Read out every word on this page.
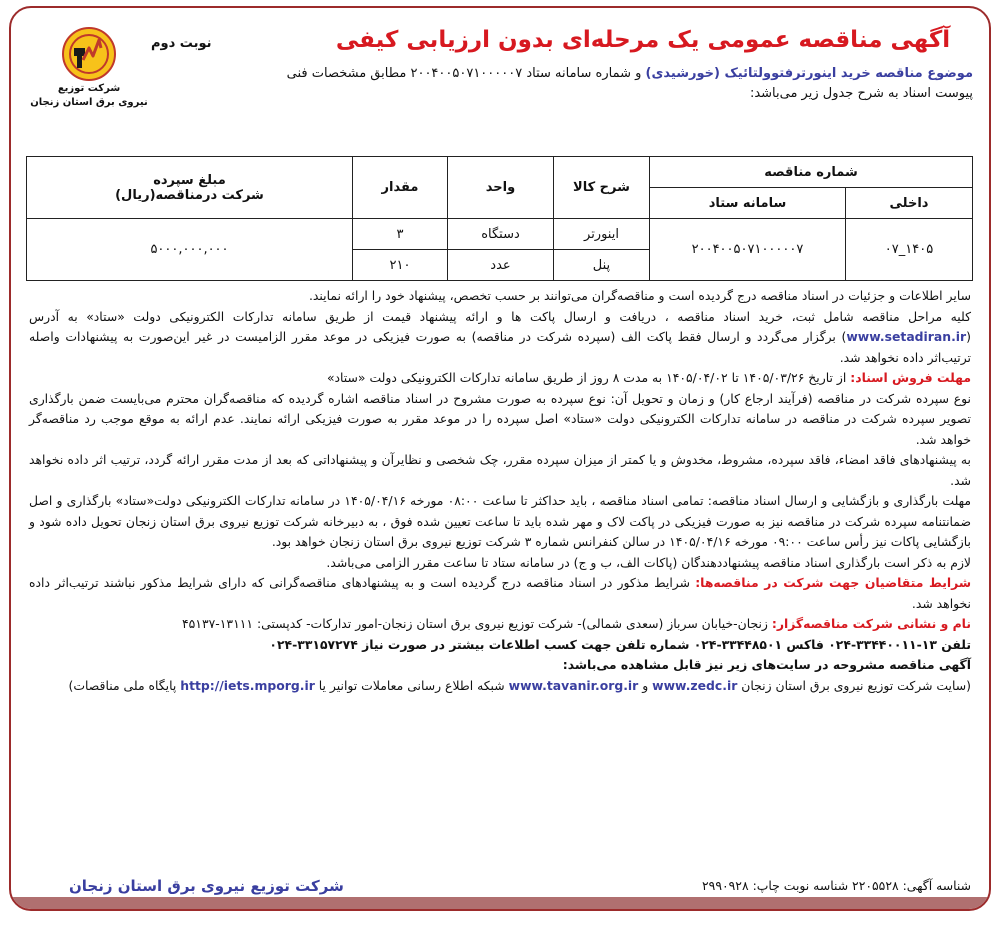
شرکت توزیع
نیروی برق استان زنجان
نوبت دوم	آگهی مناقصه عمومی یک مرحله‌ای بدون ارزیابی کیفی
موضوع مناقصه خرید اینورترفتوولتائیک (خورشیدی) و شماره سامانه ستاد ۲۰۰۴۰۰۵۰۷۱۰۰۰۰۰۷ مطابق مشخصات فنی
پیوست اسناد به شرح جدول زیر می‌باشد:
شماره مناقصه		شرح کالا	واحد	مقدار	مبلغ سپرده
شرکت درمناقصه(ریال)

داخلی	سامانه ستاد				
۱۴۰۵_۰۷	۲۰۰۴۰۰۵۰۷۱۰۰۰۰۰۷	اینورتر	دستگاه	۳	۵۰۰۰,۰۰۰,۰۰۰
		پنل	عدد	۲۱۰	

سایر اطلاعات و جزئیات در اسناد مناقصه درج گردیده است و مناقصه‌گران می‌توانند بر حسب تخصص، پیشنهاد خود را ارائه نمایند.

کلیه مراحل مناقصه شامل ثبت، خرید اسناد مناقصه ، دریافت و ارسال پاکت ها و ارائه پیشنهاد قیمت از طریق سامانه تدارکات الکترونیکی دولت «ستاد» به آدرس (www.setadiran.ir) برگزار می‌گردد و ارسال فقط پاکت الف (سپرده شرکت در مناقصه) به صورت فیزیکی در موعد مقرر الزامیست در غیر این‌صورت به پیشنهادات واصله ترتیب‌اثر داده نخواهد شد.

مهلت فروش اسناد: از تاریخ ۱۴۰۵/۰۳/۲۶ تا ۱۴۰۵/۰۴/۰۲ به مدت ۸ روز از طریق سامانه تدارکات الکترونیکی دولت «ستاد»

نوع سپرده شرکت در مناقصه (فرآیند ارجاع کار) و زمان و تحویل آن: نوع سپرده به صورت مشروح در اسناد مناقصه اشاره گردیده که مناقصه‌گران محترم می‌بایست ضمن بارگذاری تصویر سپرده شرکت در مناقصه در سامانه تدارکات الکترونیکی دولت «ستاد» اصل سپرده را در موعد مقرر به صورت فیزیکی ارائه نمایند. عدم ارائه به موقع موجب رد مناقصه‌گر خواهد شد.

به پیشنهادهای فاقد امضاء، فاقد سپرده، مشروط، مخدوش و یا کمتر از میزان سپرده مقرر، چک شخصی و نظایرآن و پیشنهاداتی که بعد از مدت مقرر ارائه گردد، ترتیب اثر داده نخواهد شد.

مهلت بارگذاری و بازگشایی و ارسال اسناد مناقصه: تمامی اسناد مناقصه ، باید حداکثر تا ساعت ۰۸:۰۰ مورخه ۱۴۰۵/۰۴/۱۶ در سامانه تدارکات الکترونیکی دولت«ستاد» بارگذاری و اصل ضمانتنامه سپرده شرکت در مناقصه نیز به صورت فیزیکی در پاکت لاک و مهر شده باید تا ساعت تعیین شده فوق ، به دبیرخانه شرکت توزیع نیروی برق استان زنجان تحویل داده شود و بازگشایی پاکات نیز رأس ساعت ۰۹:۰۰ مورخه ۱۴۰۵/۰۴/۱۶ در سالن کنفرانس شماره ۳ شرکت توزیع نیروی برق استان زنجان خواهد بود.

لازم به ذکر است بارگذاری اسناد مناقصه پیشنهاددهندگان (پاکات الف، ب و ج) در سامانه ستاد تا ساعت مقرر الزامی می‌باشد.

شرایط متقاضیان جهت شرکت در مناقصه‌ها: شرایط مذکور در اسناد مناقصه درج گردیده است و به پیشنهادهای مناقصه‌گرانی که دارای شرایط مذکور نباشند ترتیب‌اثر داده نخواهد شد.

نام و نشانی شرکت مناقصه‌گزار: زنجان-خیابان سرباز (سعدی شمالی)- شرکت توزیع نیروی برق استان زنجان-امور تدارکات- کدپستی: ۱۳۱۱۱-۴۵۱۳۷

تلفن ۱۳-۳۳۴۴۰۰۱۱-۰۲۴ فاکس ۳۳۴۴۸۵۰۱-۰۲۴ شماره تلفن جهت کسب اطلاعات بیشتر در صورت نیاز ۳۳۱۵۷۲۷۴-۰۲۴

آگهی مناقصه مشروحه در سایت‌های زیر نیز قابل مشاهده می‌باشد:

(سایت شرکت توزیع نیروی برق استان زنجان www.zedc.ir و www.tavanir.org.ir شبکه اطلاع رسانی معاملات توانیر یا http://iets.mporg.ir پایگاه ملی مناقصات)

شناسه آگهی: ۲۲۰۵۵۲۸ شناسه نوبت چاپ: ۲۹۹۰۹۲۸
شرکت توزیع نیروی برق استان زنجان
